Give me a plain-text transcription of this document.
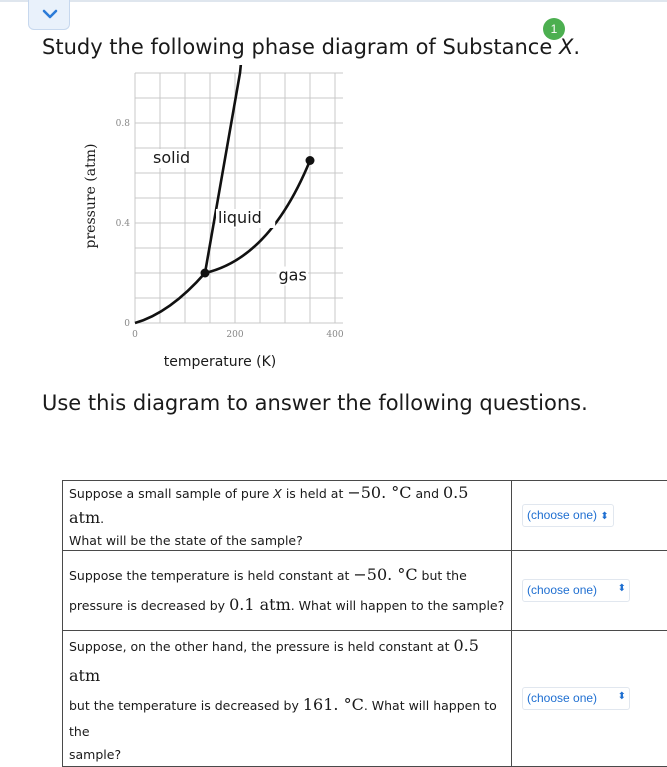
1
Study the following phase diagram of Substance X.
0	200	400
0
0.4
0.8
temperature (K)
pressure (atm)	solid
liquid
gas
Use this diagram to answer the following questions.
Suppose a small sample of pure X is held at −50. °C and 0.5 atm.
What will be the state of the sample?	(choose one) ⬍
Suppose the temperature is held constant at −50. °C but the
pressure is decreased by 0.1 atm. What will happen to the sample?	(choose one) ⬍

Suppose, on the other hand, the pressure is held constant at 0.5 atm
but the temperature is decreased by 161. °C. What will happen to the
sample?	(choose one) ⬍
